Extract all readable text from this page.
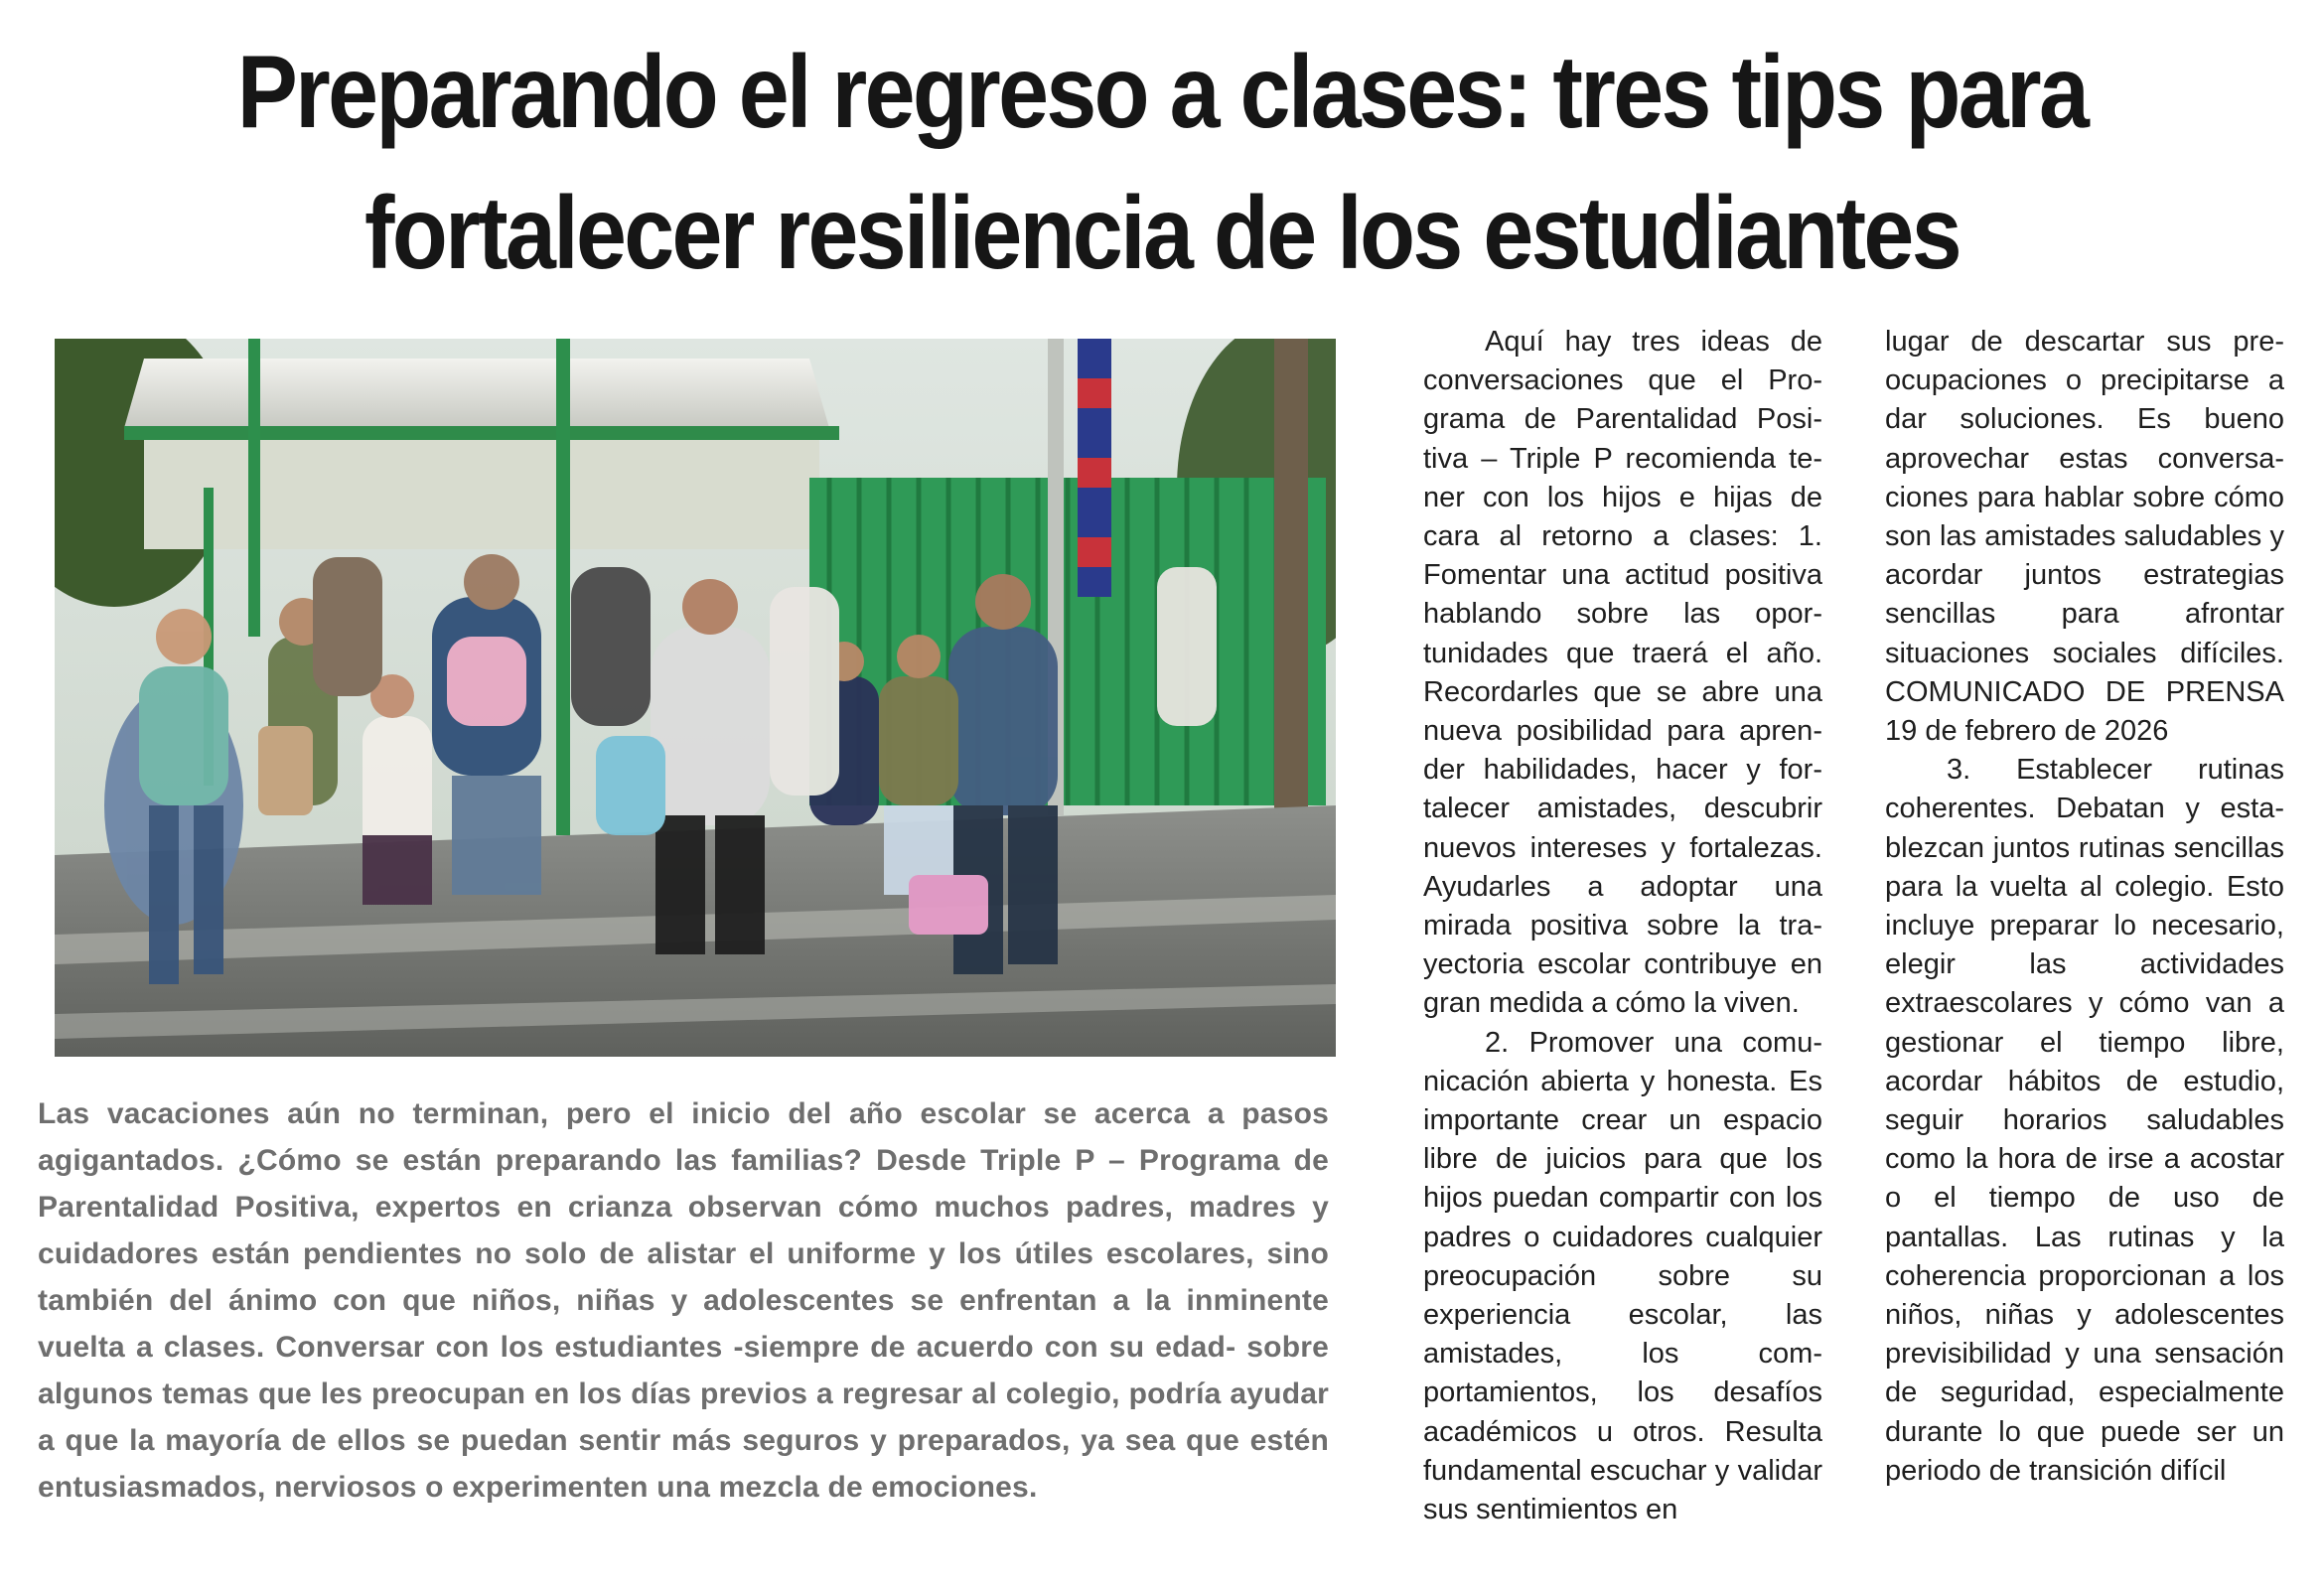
Preparando el regreso a clases: tres tips para fortalecer resiliencia de los estudiantes

Las vacaciones aún no terminan, pero el inicio del año escolar se acerca a pasos agigantados. ¿Cómo se están preparando las familias? Desde Triple P – Programa de Parentalidad Positiva, expertos en crianza observan cómo muchos padres, madres y cuidadores están pendientes no solo de alistar el uniforme y los útiles escolares, sino también del ánimo con que niños, niñas y adolescentes se enfrentan a la inminente vuelta a clases. Conversar con los estudiantes -siempre de acuerdo con su edad- sobre algunos temas que les preocupan en los días previos a regresar al colegio, podría ayudar a que la mayoría de ellos se puedan sentir más seguros y preparados, ya sea que estén entusiasmados, nerviosos o experimenten una mezcla de emociones.

Aquí hay tres ideas de conversaciones que el Programa de Parentalidad Positiva – Triple P recomienda tener con los hijos e hijas de cara al retorno a clases: 1. Fomentar una actitud positiva hablando sobre las oportunidades que traerá el año. Recordarles que se abre una nueva posibilidad para aprender habilidades, hacer y fortalecer amistades, descubrir nuevos intereses y fortalezas. Ayudarles a adoptar una mirada positiva sobre la trayectoria escolar contribuye en gran medida a cómo la viven.

2. Promover una comunicación abierta y honesta. Es importante crear un espacio libre de juicios para que los hijos puedan compartir con los padres o cuidadores cualquier preocupación sobre su experiencia escolar, las amistades, los comportamientos, los desafíos académicos u otros. Resulta fundamental escuchar y validar sus sentimientos en

lugar de descartar sus preocupaciones o precipitarse a dar soluciones. Es bueno aprovechar estas conversaciones para hablar sobre cómo son las amistades saludables y acordar juntos estrategias sencillas para afrontar situaciones sociales difíciles. COMUNICADO DE PRENSA 19 de febrero de 2026

3. Establecer rutinas coherentes. Debatan y establezcan juntos rutinas sencillas para la vuelta al colegio. Esto incluye preparar lo necesario, elegir las actividades extraescolares y cómo van a gestionar el tiempo libre, acordar hábitos de estudio, seguir horarios saludables como la hora de irse a acostar o el tiempo de uso de pantallas. Las rutinas y la coherencia proporcionan a los niños, niñas y adolescentes previsibilidad y una sensación de seguridad, especialmente durante lo que puede ser un periodo de transición difícil
